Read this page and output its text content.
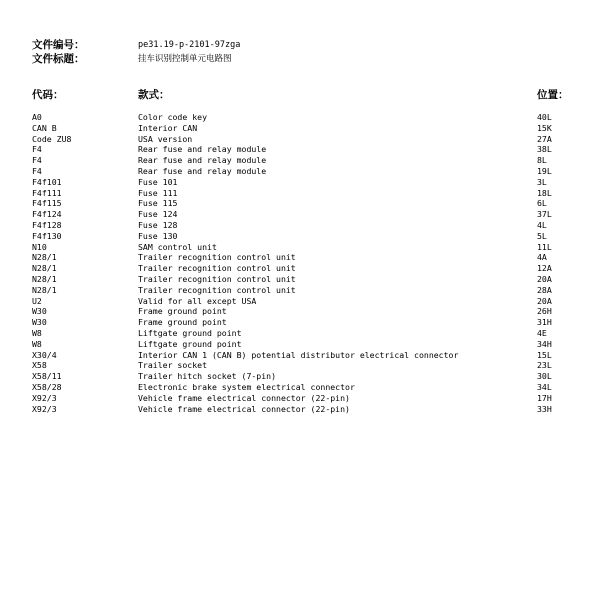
文件编号：	pe31.19-p-2101-97zga
文件标题：	挂车识别控制单元电路图
代码：	款式：	位置：
A0	Color code key	40L
CAN B	Interior CAN	15K
Code ZU8	USA version	27A
F4	Rear fuse and relay module	38L
F4	Rear fuse and relay module	8L
F4	Rear fuse and relay module	19L
F4f101	Fuse 101	3L
F4f111	Fuse 111	18L
F4f115	Fuse 115	6L
F4f124	Fuse 124	37L
F4f128	Fuse 128	4L
F4f130	Fuse 130	5L
N10	SAM control unit	11L
N28/1	Trailer recognition control unit	4A
N28/1	Trailer recognition control unit	12A
N28/1	Trailer recognition control unit	20A
N28/1	Trailer recognition control unit	28A
U2	Valid for all except USA	20A
W30	Frame ground point	26H
W30	Frame ground point	31H
W8	Liftgate ground point	4E
W8	Liftgate ground point	34H
X30/4	Interior CAN 1 (CAN B) potential distributor electrical connector	15L
X58	Trailer socket	23L
X58/11	Trailer hitch socket (7-pin)	30L
X58/28	Electronic brake system electrical connector	34L
X92/3	Vehicle frame electrical connector (22-pin)	17H
X92/3	Vehicle frame electrical connector (22-pin)	33H
